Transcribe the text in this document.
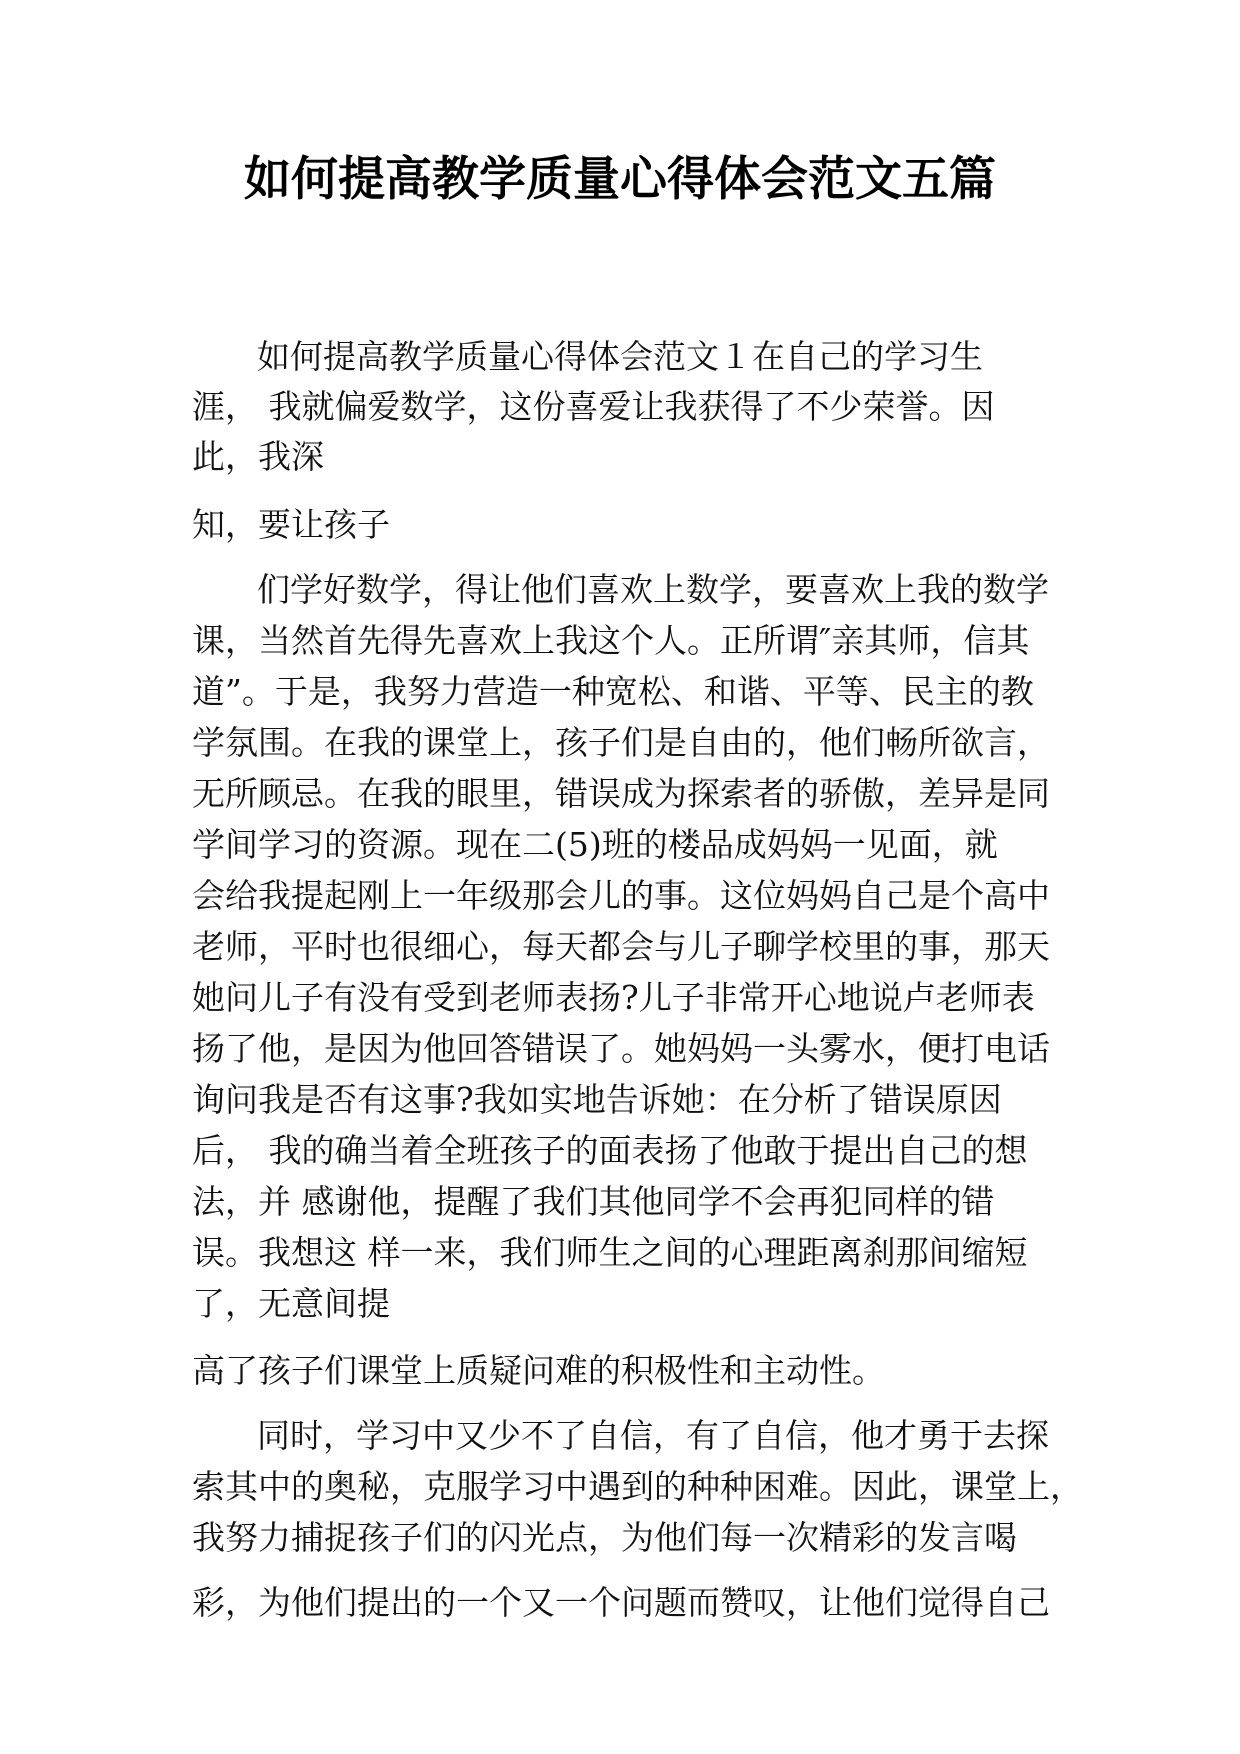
如何提高教学质量心得体会范文五篇
如何提高教学质量心得体会范文１在自己的学习生
涯， 我就偏爱数学，这份喜爱让我获得了不少荣誉。因
此，我深
知，要让孩子
们学好数学，得让他们喜欢上数学，要喜欢上我的数学
课，当然首先得先喜欢上我这个人。正所谓″亲其师，信其
道”。于是，我努力营造一种宽松、和谐、平等、民主的教
学氛围。在我的课堂上，孩子们是自由的，他们畅所欲言，
无所顾忌。在我的眼里，错误成为探索者的骄傲，差异是同
学间学习的资源。现在二(5)班的楼品成妈妈一见面，就
会给我提起刚上一年级那会儿的事。这位妈妈自己是个高中
老师，平时也很细心，每天都会与儿子聊学校里的事，那天
她问儿子有没有受到老师表扬?儿子非常开心地说卢老师表
扬了他，是因为他回答错误了。她妈妈一头雾水，便打电话
询问我是否有这事?我如实地告诉她：在分析了错误原因
后， 我的确当着全班孩子的面表扬了他敢于提出自己的想
法，并 感谢他，提醒了我们其他同学不会再犯同样的错
误。我想这 样一来，我们师生之间的心理距离刹那间缩短
了，无意间提
高了孩子们课堂上质疑问难的积极性和主动性。
同时，学习中又少不了自信，有了自信，他才勇于去探
索其中的奥秘，克服学习中遇到的种种困难。因此，课堂上，
我努力捕捉孩子们的闪光点，为他们每一次精彩的发言喝
彩，为他们提出的一个又一个问题而赞叹，让他们觉得自己
